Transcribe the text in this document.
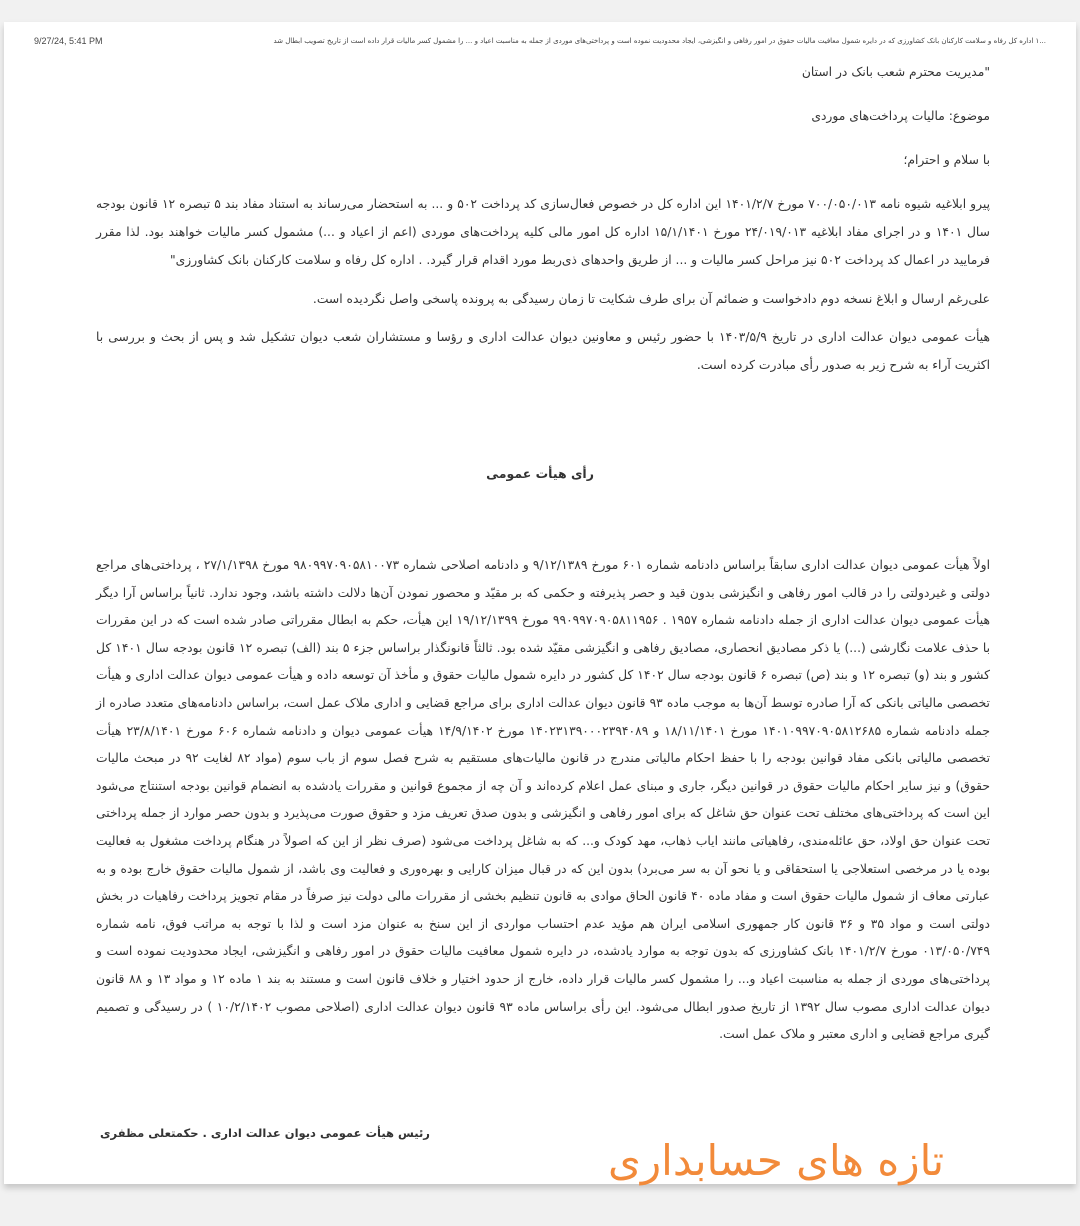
9/27/24, 5:41 PM	...۱ اداره کل رفاه و سلامت کارکنان بانک کشاورزی که در دایره شمول معافیت مالیات حقوق در امور رفاهی و انگیزشی، ایجاد محدودیت نموده است و پرداختی‌های موردی از جمله به مناسبت اعیاد و ... را مشمول کسر مالیات قرار داده است از تاریخ تصویب ابطال شد

"مدیریت محترم شعب بانک در استان

موضوع: مالیات پرداخت‌های موردی

با سلام و احترام؛

پیرو ابلاغیه شیوه نامه ۷۰۰/۰۵۰/۰۱۳ مورخ ۱۴۰۱/۲/۷ این اداره کل در خصوص فعال‌سازی کد پرداخت ۵۰۲ و ... به استحضار می‌رساند به استناد مفاد بند ۵ تبصره ۱۲ قانون بودجه سال ۱۴۰۱ و در اجرای مفاد ابلاغیه ۲۴/۰۱۹/۰۱۳ مورخ ۱۵/۱/۱۴۰۱ اداره کل امور مالی کلیه پرداخت‌های موردی (اعم از اعیاد و ...) مشمول کسر مالیات خواهند بود. لذا مقرر فرمایید در اعمال کد پرداخت ۵۰۲ نیز مراحل کسر مالیات و ... از طریق واحدهای ذی‌ربط مورد اقدام قرار گیرد. . اداره کل رفاه و سلامت کارکنان بانک کشاورزی"

علی‌رغم ارسال و ابلاغ نسخه دوم دادخواست و ضمائم آن برای طرف شکایت تا زمان رسیدگی به پرونده پاسخی واصل نگردیده است.

هیأت عمومی دیوان عدالت اداری در تاریخ ۱۴۰۳/۵/۹ با حضور رئیس و معاونین دیوان عدالت اداری و رؤسا و مستشاران شعب دیوان تشکیل شد و پس از بحث و بررسی با اکثریت آراء به شرح زیر به صدور رأی مبادرت کرده است.

رأی هیأت عمومی
اولاً هیأت عمومی دیوان عدالت اداری سابقاً براساس دادنامه شماره ۶۰۱ مورخ ۹/۱۲/۱۳۸۹ و دادنامه اصلاحی شماره ۹۸۰۹۹۷۰۹۰۵۸۱۰۰۷۳ مورخ ۲۷/۱/۱۳۹۸ ، پرداختی‌های مراجع دولتی و غیردولتی را در قالب امور رفاهی و انگیزشی بدون قید و حصر پذیرفته و حکمی که بر مقیّد و محصور نمودن آن‌ها دلالت داشته باشد، وجود ندارد. ثانیاً براساس آرا دیگر هیأت عمومی دیوان عدالت اداری از جمله دادنامه شماره ۱۹۵۷ . ۹۹۰۹۹۷۰۹۰۵۸۱۱۹۵۶ مورخ ۱۹/۱۲/۱۳۹۹ این هیأت، حکم به ابطال مقرراتی صادر شده است که در این مقررات با حذف علامت نگارشی (...) یا ذکر مصادیق انحصاری، مصادیق رفاهی و انگیزشی مقیّد شده بود. ثالثاً قانونگذار براساس جزء ۵ بند (الف) تبصره ۱۲ قانون بودجه سال ۱۴۰۱ کل کشور و بند (و) تبصره ۱۲ و بند (ص) تبصره ۶ قانون بودجه سال ۱۴۰۲ کل کشور در دایره شمول مالیات حقوق و مأخذ آن توسعه داده و هیأت عمومی دیوان عدالت اداری و هیأت تخصصی مالیاتی بانکی که آرا صادره توسط آن‌ها به موجب ماده ۹۳ قانون دیوان عدالت اداری برای مراجع قضایی و اداری ملاک عمل است، براساس دادنامه‌های متعدد صادره از جمله دادنامه شماره ۱۴۰۱۰۹۹۷۰۹۰۵۸۱۲۶۸۵ مورخ ۱۸/۱۱/۱۴۰۱ و ۱۴۰۲۳۱۳۹۰۰۰۲۳۹۴۰۸۹ مورخ ۱۴/۹/۱۴۰۲ هیأت عمومی دیوان و دادنامه شماره ۶۰۶ مورخ ۲۳/۸/۱۴۰۱ هیأت تخصصی مالیاتی بانکی مفاد قوانین بودجه را با حفظ احکام مالیاتی مندرج در قانون مالیات‌های مستقیم به شرح فصل سوم از باب سوم (مواد ۸۲ لغایت ۹۲ در مبحث مالیات حقوق) و نیز سایر احکام مالیات حقوق در قوانین دیگر، جاری و مبنای عمل اعلام کرده‌اند و آن چه از مجموع قوانین و مقررات یادشده به انضمام قوانین بودجه استنتاج می‌شود این است که پرداختی‌های مختلف تحت عنوان حق شاغل که برای امور رفاهی و انگیزشی و بدون صدق تعریف مزد و حقوق صورت می‌پذیرد و بدون حصر موارد از جمله پرداختی تحت عنوان حق اولاد، حق عائله‌مندی، رفاهیاتی مانند ایاب ذهاب، مهد کودک و... که به شاغل پرداخت می‌شود (صرف نظر از این که اصولاً در هنگام پرداخت مشغول به فعالیت بوده یا در مرخصی استعلاجی یا استحقاقی و یا نحو آن به سر می‌برد) بدون این که در قبال میزان کارایی و بهره‌وری و فعالیت وی باشد، از شمول مالیات حقوق خارج بوده و به عبارتی معاف از شمول مالیات حقوق است و مفاد ماده ۴۰ قانون الحاق موادی به قانون تنظیم بخشی از مقررات مالی دولت نیز صرفاً در مقام تجویز پرداخت رفاهیات در بخش دولتی است و مواد ۳۵ و ۳۶ قانون کار جمهوری اسلامی ایران هم مؤید عدم احتساب مواردی از این سنخ به عنوان مزد است و لذا با توجه به مراتب فوق، نامه شماره ۰۱۳/۰۵۰/۷۴۹ مورخ ۱۴۰۱/۲/۷ بانک کشاورزی که بدون توجه به موارد یادشده، در دایره شمول معافیت مالیات حقوق در امور رفاهی و انگیزشی، ایجاد محدودیت نموده است و پرداختی‌های موردی از جمله به مناسبت اعیاد و... را مشمول کسر مالیات قرار داده، خارج از حدود اختیار و خلاف قانون است و مستند به بند ۱ ماده ۱۲ و مواد ۱۳ و ۸۸ قانون دیوان عدالت اداری مصوب سال ۱۳۹۲ از تاریخ صدور ابطال می‌شود. این رأی براساس ماده ۹۳ قانون دیوان عدالت اداری (اصلاحی مصوب ۱۰/۲/۱۴۰۲ ) در رسیدگی و تصمیم گیری مراجع قضایی و اداری معتبر و ملاک عمل است.
رئیس هیأت عمومی دیوان عدالت اداری . حکمتعلی مظفری
تازه های حسابداری
